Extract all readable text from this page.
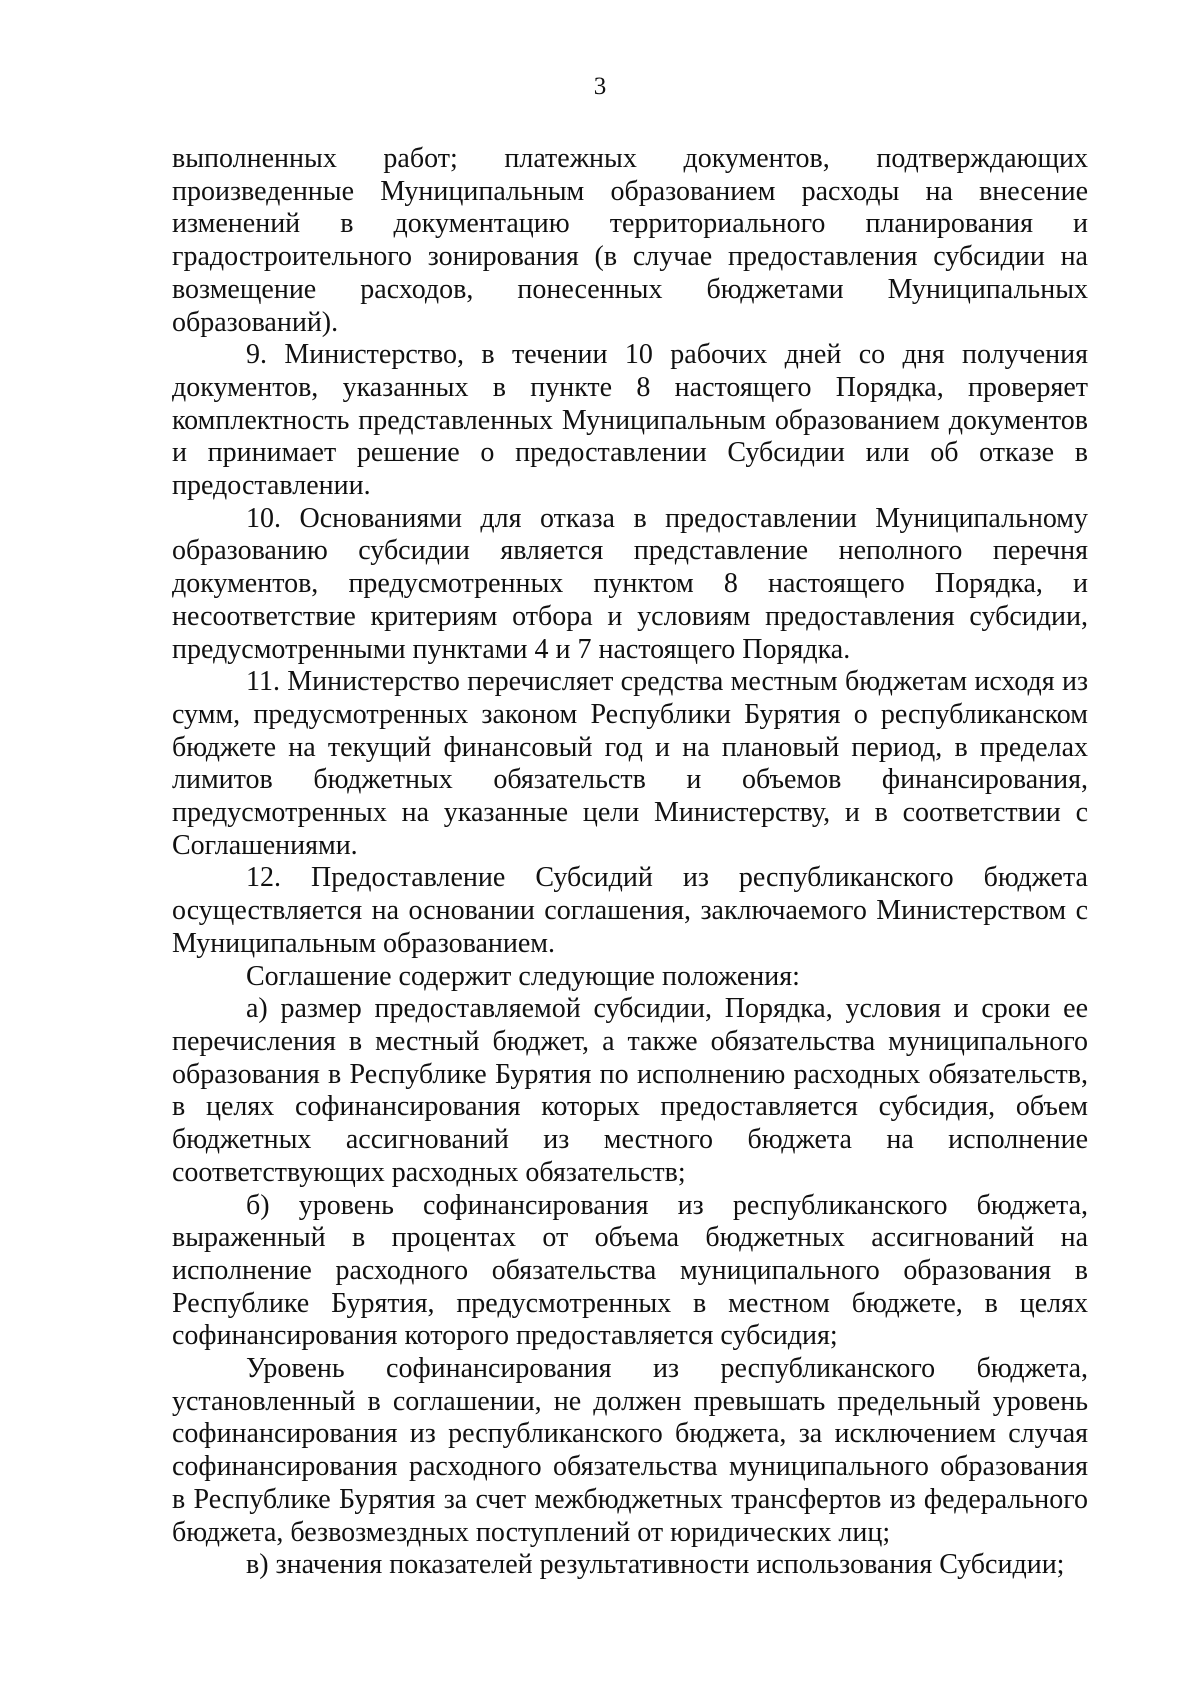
3

выполненных работ; платежных документов, подтверждающих произведенные Муниципальным образованием расходы на внесение изменений в документацию территориального планирования и градостроительного зонирования (в случае предоставления субсидии на возмещение расходов, понесенных бюджетами Муниципальных образований).

9. Министерство, в течении 10 рабочих дней со дня получения документов, указанных в пункте 8 настоящего Порядка, проверяет комплектность представленных Муниципальным образованием документов и принимает решение о предоставлении Субсидии или об отказе в предоставлении.

10. Основаниями для отказа в предоставлении Муниципальному образованию субсидии является представление неполного перечня документов, предусмотренных пунктом 8 настоящего Порядка, и несоответствие критериям отбора и условиям предоставления субсидии, предусмотренными пунктами 4 и 7 настоящего Порядка.

11. Министерство перечисляет средства местным бюджетам исходя из сумм, предусмотренных законом Республики Бурятия о республиканском бюджете на текущий финансовый год и на плановый период, в пределах лимитов бюджетных обязательств и объемов финансирования, предусмотренных на указанные цели Министерству, и в соответствии с Соглашениями.

12. Предоставление Субсидий из республиканского бюджета осуществляется на основании соглашения, заключаемого Министерством с Муниципальным образованием.

Соглашение содержит следующие положения:

а) размер предоставляемой субсидии, Порядка, условия и сроки ее перечисления в местный бюджет, а также обязательства муниципального образования в Республике Бурятия по исполнению расходных обязательств, в целях софинансирования которых предоставляется субсидия, объем бюджетных ассигнований из местного бюджета на исполнение соответствующих расходных обязательств;

б) уровень софинансирования из республиканского бюджета, выраженный в процентах от объема бюджетных ассигнований на исполнение расходного обязательства муниципального образования в Республике Бурятия, предусмотренных в местном бюджете, в целях софинансирования которого предоставляется субсидия;

Уровень софинансирования из республиканского бюджета, установленный в соглашении, не должен превышать предельный уровень софинансирования из республиканского бюджета, за исключением случая софинансирования расходного обязательства муниципального образования в Республике Бурятия за счет межбюджетных трансфертов из федерального бюджета, безвозмездных поступлений от юридических лиц;

в) значения показателей результативности использования Субсидии;
